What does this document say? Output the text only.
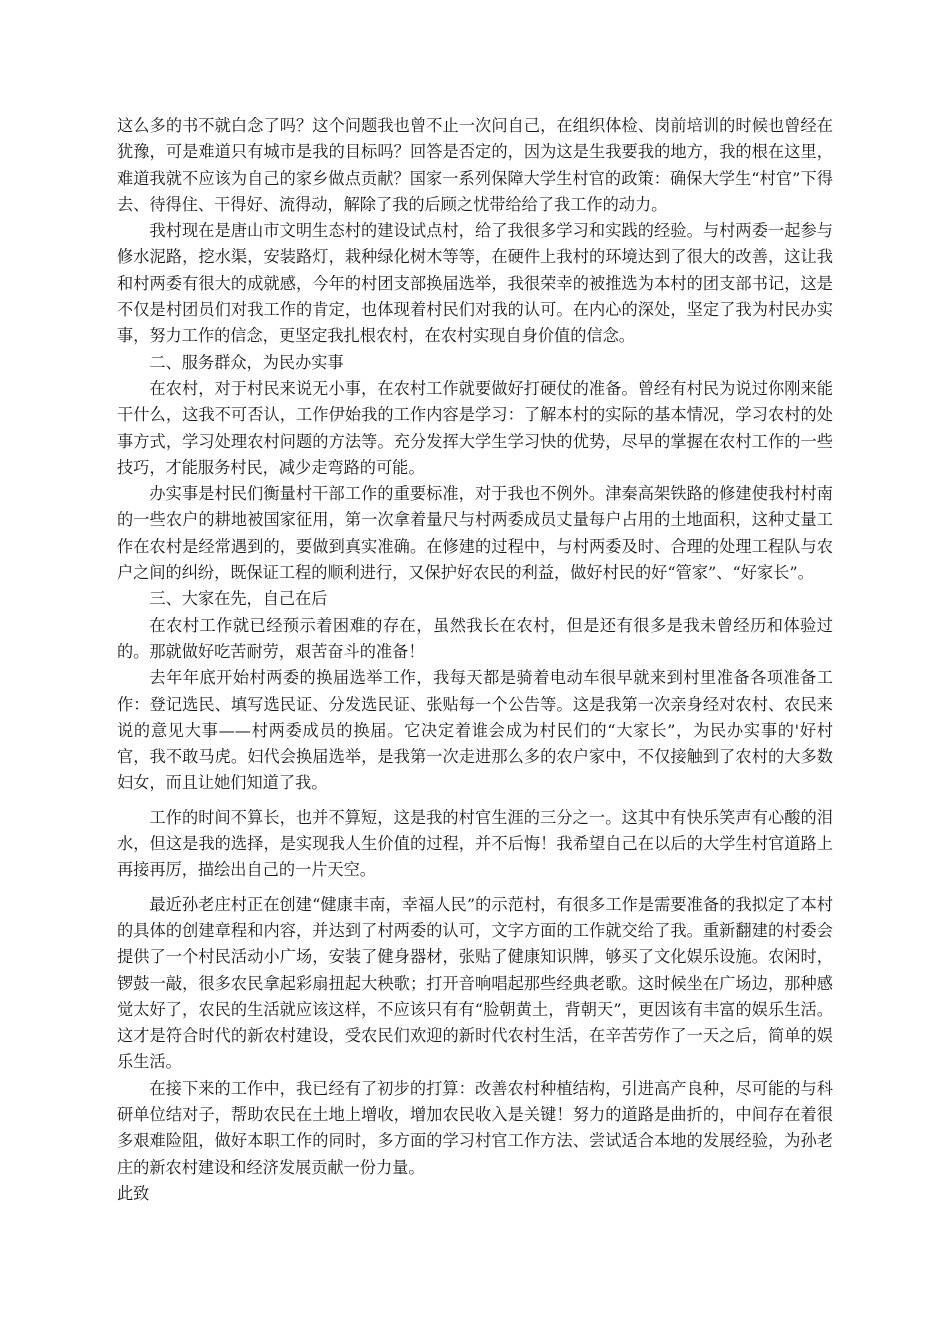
这么多的书不就白念了吗？这个问题我也曾不止一次问自己，在组织体检、岗前培训的时候也曾经在犹豫，可是难道只有城市是我的目标吗？回答是否定的，因为这是生我要我的地方，我的根在这里，难道我就不应该为自己的家乡做点贡献？国家一系列保障大学生村官的政策：确保大学生“村官”下得去、待得住、干得好、流得动，解除了我的后顾之忧带给给了我工作的动力。

我村现在是唐山市文明生态村的建设试点村，给了我很多学习和实践的经验。与村两委一起参与修水泥路，挖水渠，安装路灯，栽种绿化树木等等，在硬件上我村的环境达到了很大的改善，这让我和村两委有很大的成就感，今年的村团支部换届选举，我很荣幸的被推选为本村的团支部书记，这是不仅是村团员们对我工作的肯定，也体现着村民们对我的认可。在内心的深处，坚定了我为村民办实事，努力工作的信念，更坚定我扎根农村，在农村实现自身价值的信念。

二、服务群众，为民办实事

在农村，对于村民来说无小事，在农村工作就要做好打硬仗的准备。曾经有村民为说过你刚来能干什么，这我不可否认，工作伊始我的工作内容是学习：了解本村的实际的基本情况，学习农村的处事方式，学习处理农村问题的方法等。充分发挥大学生学习快的优势，尽早的掌握在农村工作的一些技巧，才能服务村民，减少走弯路的可能。

办实事是村民们衡量村干部工作的重要标准，对于我也不例外。津秦高架铁路的修建使我村村南的一些农户的耕地被国家征用，第一次拿着量尺与村两委成员丈量每户占用的土地面积，这种丈量工作在农村是经常遇到的，要做到真实准确。在修建的过程中，与村两委及时、合理的处理工程队与农户之间的纠纷，既保证工程的顺利进行，又保护好农民的利益，做好村民的好“管家”、“好家长”。

三、大家在先，自己在后

在农村工作就已经预示着困难的存在，虽然我长在农村，但是还有很多是我未曾经历和体验过的。那就做好吃苦耐劳，艰苦奋斗的准备！

去年年底开始村两委的换届选举工作，我每天都是骑着电动车很早就来到村里准备各项准备工作：登记选民、填写选民证、分发选民证、张贴每一个公告等。这是我第一次亲身经对农村、农民来说的意见大事——村两委成员的换届。它决定着谁会成为村民们的“大家长”，为民办实事的'好村官，我不敢马虎。妇代会换届选举，是我第一次走进那么多的农户家中，不仅接触到了农村的大多数妇女，而且让她们知道了我。

工作的时间不算长，也并不算短，这是我的村官生涯的三分之一。这其中有快乐笑声有心酸的泪水，但这是我的选择，是实现我人生价值的过程，并不后悔！我希望自己在以后的大学生村官道路上再接再厉，描绘出自己的一片天空。

最近孙老庄村正在创建“健康丰南，幸福人民”的示范村，有很多工作是需要准备的我拟定了本村的具体的创建章程和内容，并达到了村两委的认可，文字方面的工作就交给了我。重新翻建的村委会提供了一个村民活动小广场，安装了健身器材，张贴了健康知识牌，够买了文化娱乐设施。农闲时，锣鼓一敲，很多农民拿起彩扇扭起大秧歌；打开音响唱起那些经典老歌。这时候坐在广场边，那种感觉太好了，农民的生活就应该这样，不应该只有有“脸朝黄土，背朝天”，更因该有丰富的娱乐生活。这才是符合时代的新农村建设，受农民们欢迎的新时代农村生活，在辛苦劳作了一天之后，简单的娱乐生活。

在接下来的工作中，我已经有了初步的打算：改善农村种植结构，引进高产良种，尽可能的与科研单位结对子，帮助农民在土地上增收，增加农民收入是关键！努力的道路是曲折的，中间存在着很多艰难险阻，做好本职工作的同时，多方面的学习村官工作方法、尝试适合本地的发展经验，为孙老庄的新农村建设和经济发展贡献一份力量。

此致
